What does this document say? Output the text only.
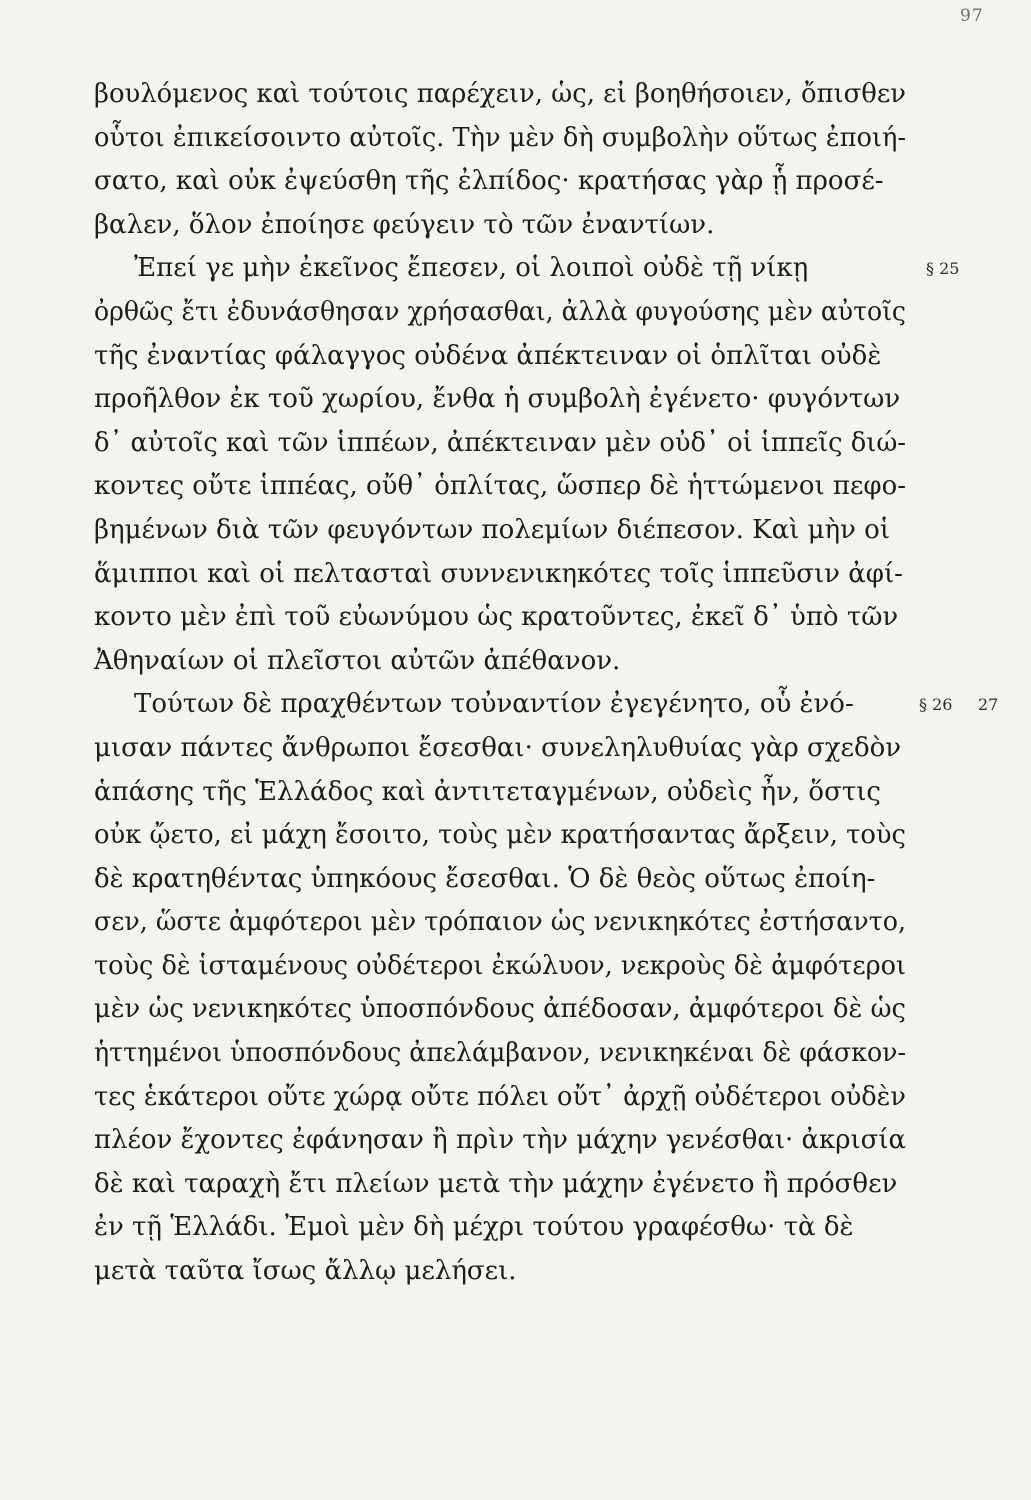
97
βουλόμενος καὶ τούτοις παρέχειν, ὡς, εἰ βοηθήσοιεν, ὄπισθεν
οὗτοι ἐπικείσοιντο αὐτοῖς. Τὴν μὲν δὴ συμβολὴν οὕτως ἐποιή-
σατο, καὶ οὐκ ἐψεύσθη τῆς ἐλπίδος· κρατήσας γὰρ ᾗ προσέ-
βαλεν, ὅλον ἐποίησε φεύγειν τὸ τῶν ἐναντίων.
Ἐπεί γε μὴν ἐκεῖνος ἔπεσεν, οἱ λοιποὶ οὐδὲ τῇ νίκῃ	§ 25
ὀρθῶς ἔτι ἐδυνάσθησαν χρήσασθαι, ἀλλὰ φυγούσης μὲν αὐτοῖς
τῆς ἐναντίας φάλαγγος οὐδένα ἀπέκτειναν οἱ ὁπλῖται οὐδὲ
προῆλθον ἐκ τοῦ χωρίου, ἔνθα ἡ συμβολὴ ἐγένετο· φυγόντων
δ᾽ αὐτοῖς καὶ τῶν ἱππέων, ἀπέκτειναν μὲν οὐδ᾽ οἱ ἱππεῖς διώ-
κοντες οὔτε ἱππέας, οὔθ᾽ ὁπλίτας, ὥσπερ δὲ ἡττώμενοι πεφο-
βημένων διὰ τῶν φευγόντων πολεμίων διέπεσον. Καὶ μὴν οἱ
ἅμιπποι καὶ οἱ πελτασταὶ συννενικηκότες τοῖς ἱππεῦσιν ἀφί-
κοντο μὲν ἐπὶ τοῦ εὐωνύμου ὡς κρατοῦντες, ἐκεῖ δ᾽ ὑπὸ τῶν
Ἀθηναίων οἱ πλεῖστοι αὐτῶν ἀπέθανον.
Τούτων δὲ πραχθέντων τοὐναντίον ἐγεγένητο, οὗ ἐνό-	§ 26 27
μισαν πάντες ἄνθρωποι ἔσεσθαι· συνεληλυθυίας γὰρ σχεδὸν
ἁπάσης τῆς Ἑλλάδος καὶ ἀντιτεταγμένων, οὐδεὶς ἦν, ὅστις
οὐκ ᾤετο, εἰ μάχη ἔσοιτο, τοὺς μὲν κρατήσαντας ἄρξειν, τοὺς
δὲ κρατηθέντας ὑπηκόους ἔσεσθαι. Ὁ δὲ θεὸς οὕτως ἐποίη-
σεν, ὥστε ἀμφότεροι μὲν τρόπαιον ὡς νενικηκότες ἐστήσαντο,
τοὺς δὲ ἱσταμένους οὐδέτεροι ἐκώλυον, νεκροὺς δὲ ἀμφότεροι
μὲν ὡς νενικηκότες ὑποσπόνδους ἀπέδοσαν, ἀμφότεροι δὲ ὡς
ἡττημένοι ὑποσπόνδους ἀπελάμβανον, νενικηκέναι δὲ φάσκον-
τες ἑκάτεροι οὔτε χώρᾳ οὔτε πόλει οὔτ᾽ ἀρχῇ οὐδέτεροι οὐδὲν
πλέον ἔχοντες ἐφάνησαν ἢ πρὶν τὴν μάχην γενέσθαι· ἀκρισία
δὲ καὶ ταραχὴ ἔτι πλείων μετὰ τὴν μάχην ἐγένετο ἢ πρόσθεν
ἐν τῇ Ἑλλάδι. Ἐμοὶ μὲν δὴ μέχρι τούτου γραφέσθω· τὰ δὲ
μετὰ ταῦτα ἴσως ἄλλῳ μελήσει.
